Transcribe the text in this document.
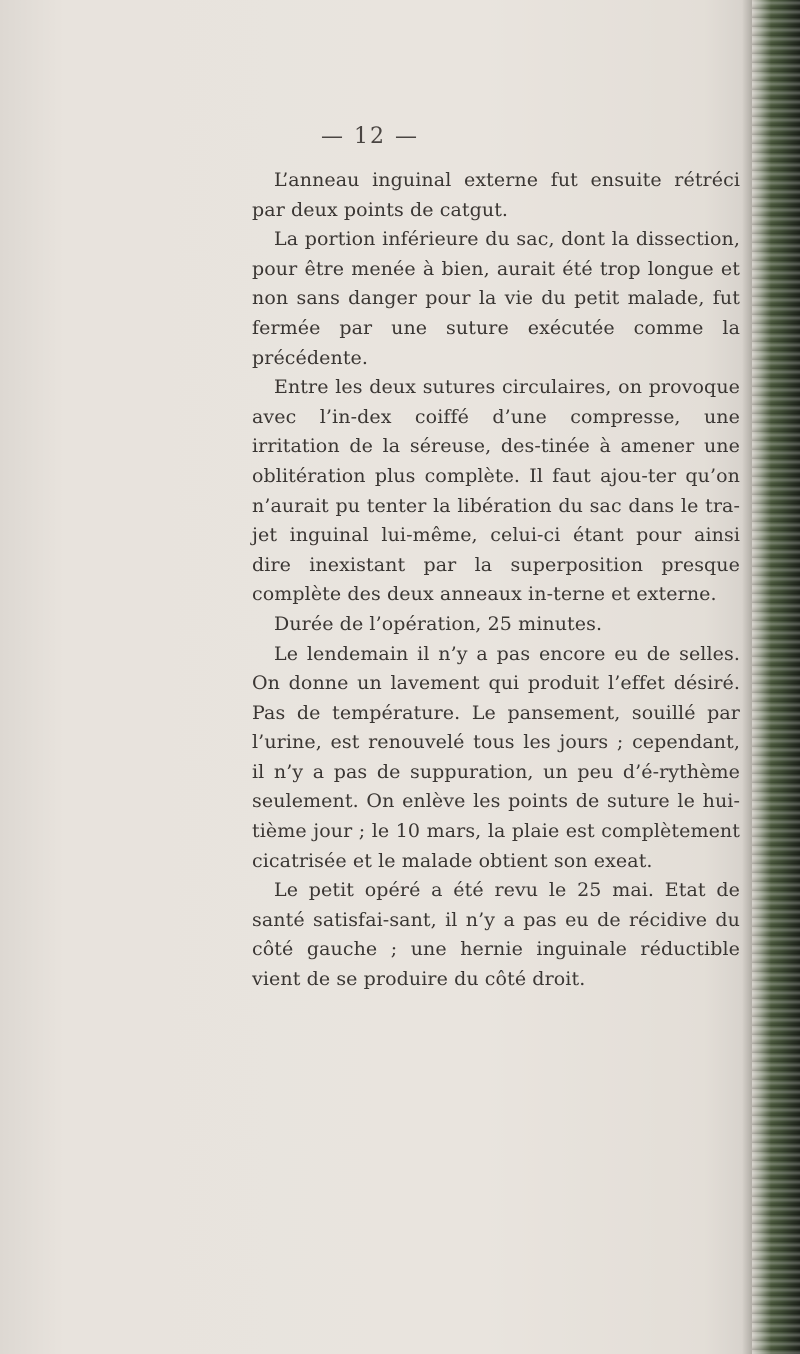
— 12 —

L’anneau inguinal externe fut ensuite rétréci par deux points de catgut.

La portion inférieure du sac, dont la dissection, pour être menée à bien, aurait été trop longue et non sans danger pour la vie du petit malade, fut fermée par une suture exécutée comme la précédente.

Entre les deux sutures circulaires, on provoque avec l’in-dex coiffé d’une compresse, une irritation de la séreuse, des-tinée à amener une oblitération plus complète. Il faut ajou-ter qu’on n’aurait pu tenter la libération du sac dans le tra-jet inguinal lui-même, celui-ci étant pour ainsi dire inexistant par la superposition presque complète des deux anneaux in-terne et externe.

Durée de l’opération, 25 minutes.

Le lendemain il n’y a pas encore eu de selles. On donne un lavement qui produit l’effet désiré. Pas de température. Le pansement, souillé par l’urine, est renouvelé tous les jours ; cependant, il n’y a pas de suppuration, un peu d’é-rythème seulement. On enlève les points de suture le hui-tième jour ; le 10 mars, la plaie est complètement cicatrisée et le malade obtient son exeat.

Le petit opéré a été revu le 25 mai. Etat de santé satisfai-sant, il n’y a pas eu de récidive du côté gauche ; une hernie inguinale réductible vient de se produire du côté droit.
